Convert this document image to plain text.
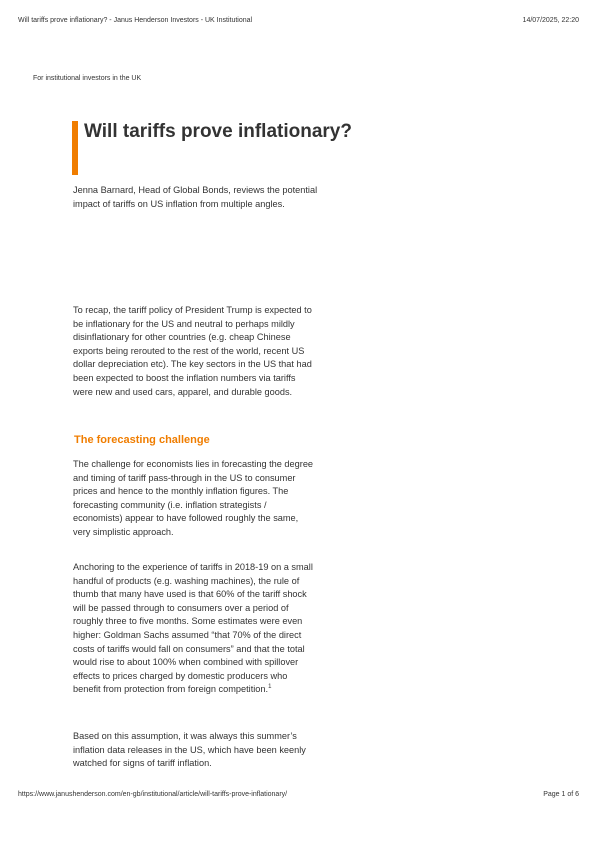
Will tariffs prove inflationary? - Janus Henderson Investors - UK Institutional	14/07/2025, 22:20
For institutional investors in the UK
Will tariffs prove inflationary?

Jenna Barnard, Head of Global Bonds, reviews the potential impact of tariffs on US inflation from multiple angles.

To recap, the tariff policy of President Trump is expected to be inflationary for the US and neutral to perhaps mildly disinflationary for other countries (e.g. cheap Chinese exports being rerouted to the rest of the world, recent US dollar depreciation etc). The key sectors in the US that had been expected to boost the inflation numbers via tariffs were new and used cars, apparel, and durable goods.

The forecasting challenge

The challenge for economists lies in forecasting the degree and timing of tariff pass-through in the US to consumer prices and hence to the monthly inflation figures. The forecasting community (i.e. inflation strategists / economists) appear to have followed roughly the same, very simplistic approach.

Anchoring to the experience of tariffs in 2018-19 on a small handful of products (e.g. washing machines), the rule of thumb that many have used is that 60% of the tariff shock will be passed through to consumers over a period of roughly three to five months. Some estimates were even higher: Goldman Sachs assumed “that 70% of the direct costs of tariffs would fall on consumers” and that the total would rise to about 100% when combined with spillover effects to prices charged by domestic producers who benefit from protection from foreign competition.$^1$

Based on this assumption, it was always this summer’s inflation data releases in the US, which have been keenly watched for signs of tariff inflation.

https://www.janushenderson.com/en-gb/institutional/article/will-tariffs-prove-inflationary/	Page 1 of 6
